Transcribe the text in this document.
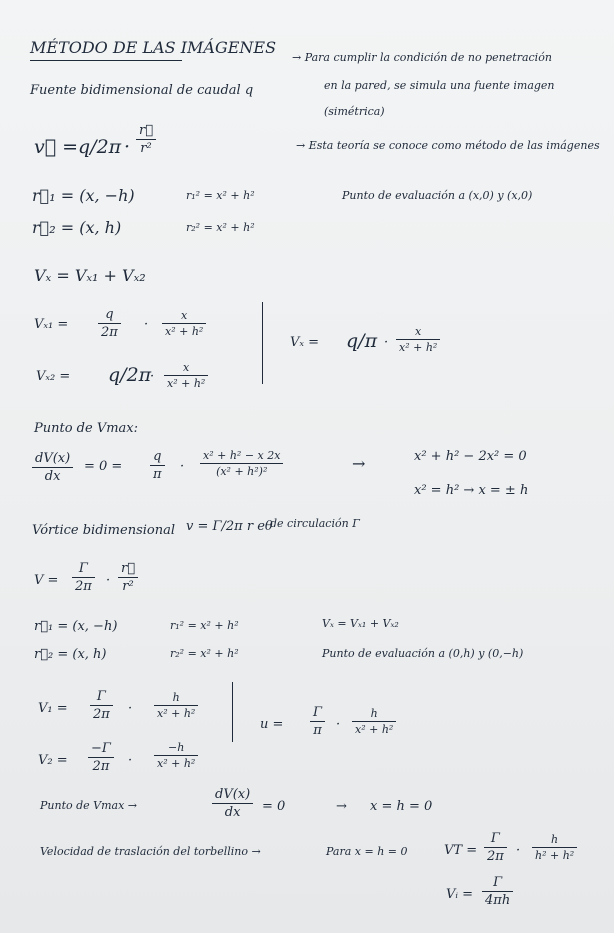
MÉTODO DE LAS IMÁGENES
Fuente bidimensional de caudal q
→ Para cumplir la condición de no penetración
en la pared, se simula una fuente imagen
(simétrica)
→ Esta teoría se conoce como método de las imágenes
v⃗ = q/2π ·
r⃗
r²
r⃗₁ = (x, −h)
r⃗₂ = (x, h)
r₁² = x² + h²
r₂² = x² + h²
Punto de evaluación a (x,0) y (x,0)
Vₓ = Vₓ₁ + Vₓ₂
Vₓ₁ =
q
2π
·
x
x² + h²
Vₓ₂ = q/2π
·
x
x² + h²
Vₓ = q/π ·
x
x² + h²
Punto de Vmax:
dV(x)
dx
= 0 =
q
π
·
x² + h² − x 2x
(x² + h²)²	→	x² + h² − 2x² = 0
x² = h² → x = ± h
Vórtice bidimensional v = Γ/2π r eθ
de circulación Γ
V =
Γ
2π ·
r⃗
r²
r⃗₁ = (x, −h)
r⃗₂ = (x, h)
r₁² = x² + h²
r₂² = x² + h²
Vₓ = Vₓ₁ + Vₓ₂
Punto de evaluación a (0,h) y (0,−h)
V₁ =
Γ
2π ·
h
x² + h²
V₂ =
−Γ
2π ·
−h
x² + h²
u =
Γ
π ·
h
x² + h²
Punto de Vmax →
dV(x)
dx = 0	→ x = h = 0
Velocidad de traslación del torbellino →	Para x = h = 0	VT =
Γ
2π ·
h
h² + h²
Vᵢ =
Γ
4πh
